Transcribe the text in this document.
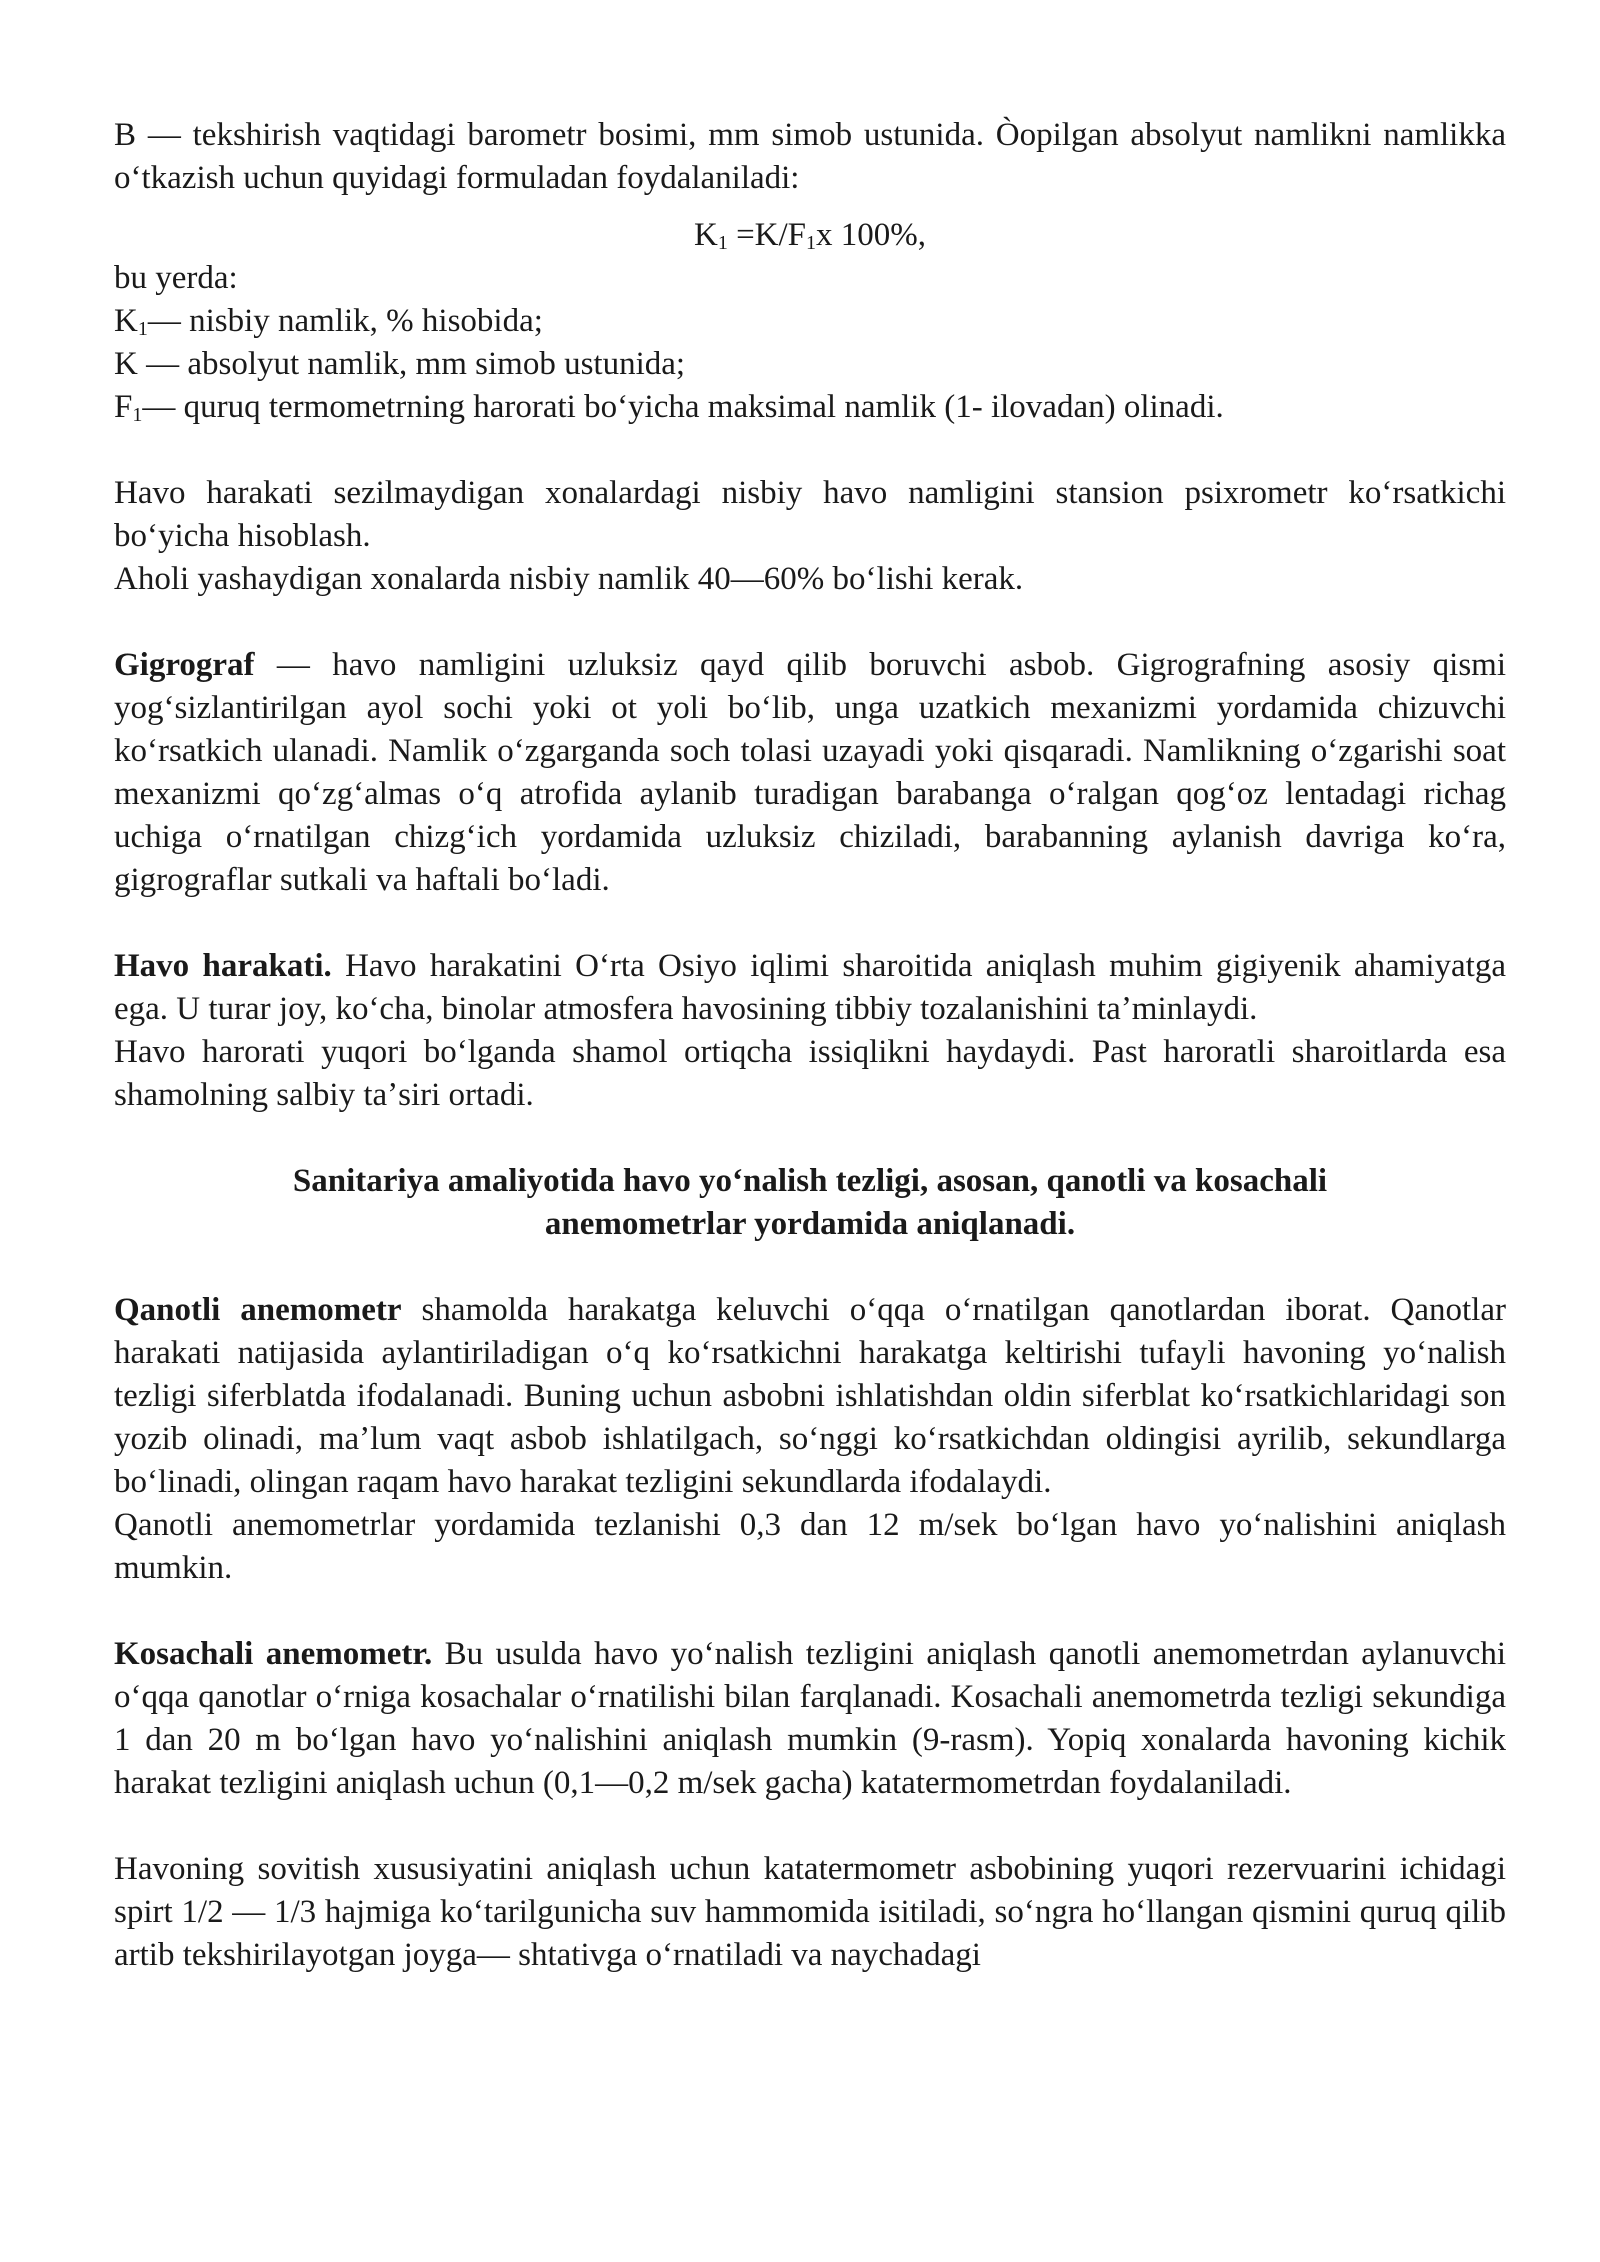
B — tekshirish vaqtidagi barometr bosimi, mm simob ustunida. Òopilgan absolyut namlikni namlikka oʻtkazish uchun quyidagi formuladan foydalaniladi:

$K_1 =K/F_1x$ 100%,

bu yerda:

$K_1—$ nisbiy namlik, % hisobida;

K — absolyut namlik, mm simob ustunida;

$F_1—$ quruq termometrning harorati boʻyicha maksimal namlik (1- ilovadan) olinadi.

Havo harakati sezilmaydigan xonalardagi nisbiy havo namligini stansion psixrometr koʻrsatkichi boʻyicha hisoblash.

Aholi yashaydigan xonalarda nisbiy namlik 40—60% boʻlishi kerak.

Gigrograf — havo namligini uzluksiz qayd qilib boruvchi asbob. Gigrografning asosiy qismi yogʻsizlantirilgan ayol sochi yoki ot yoli boʻlib, unga uzatkich mexanizmi yordamida chizuvchi koʻrsatkich ulanadi. Namlik oʻzgarganda soch tolasi uzayadi yoki qisqaradi. Namlikning oʻzgarishi soat mexanizmi qoʻzgʻalmas oʻq atrofida aylanib turadigan barabanga oʻralgan qogʻoz lentadagi richag uchiga oʻrnatilgan chizgʻich yordamida uzluksiz chiziladi, barabanning aylanish davriga koʻra, gigrograflar sutkali va haftali boʻladi.

Havo harakati. Havo harakatini Oʻrta Osiyo iqlimi sharoitida aniqlash muhim gigiyenik ahamiyatga ega. U turar joy, koʻcha, binolar atmosfera havosining tibbiy tozalanishini taʼminlaydi.

Havo harorati yuqori boʻlganda shamol ortiqcha issiqlikni haydaydi. Past haroratli sharoitlarda esa shamolning salbiy taʼsiri ortadi.

Sanitariya amaliyotida havo yoʻnalish tezligi, asosan, qanotli va kosachali

anemometrlar yordamida aniqlanadi.

Qanotli anemometr shamolda harakatga keluvchi oʻqqa oʻrnatilgan qanotlardan iborat. Qanotlar harakati natijasida aylantiriladigan oʻq koʻrsatkichni harakatga keltirishi tufayli havoning yoʻnalish tezligi siferblatda ifodalanadi. Buning uchun asbobni ishlatishdan oldin siferblat koʻrsatkichlaridagi son yozib olinadi, maʼlum vaqt asbob ishlatilgach, soʻnggi koʻrsatkichdan oldingisi ayrilib, sekundlarga boʻlinadi, olingan raqam havo harakat tezligini sekundlarda ifodalaydi.

Qanotli anemometrlar yordamida tezlanishi 0,3 dan 12 m/sek boʻlgan havo yoʻnalishini aniqlash mumkin.

Kosachali anemometr. Bu usulda havo yoʻnalish tezligini aniqlash qanotli anemometrdan aylanuvchi oʻqqa qanotlar oʻrniga kosachalar oʻrnatilishi bilan farqlanadi. Kosachali anemometrda tezligi sekundiga 1 dan 20 m boʻlgan havo yoʻnalishini aniqlash mumkin (9-rasm). Yopiq xonalarda havoning kichik harakat tezligini aniqlash uchun (0,1—0,2 m/sek gacha) katatermometrdan foydalaniladi.

Havoning sovitish xususiyatini aniqlash uchun katatermometr asbobining yuqori rezervuarini ichidagi spirt 1/2 — 1/3 hajmiga koʻtarilgunicha suv hammomida isitiladi, soʻngra hoʻllangan qismini quruq qilib artib tekshirilayotgan joyga— shtativga oʻrnatiladi va naychadagi
